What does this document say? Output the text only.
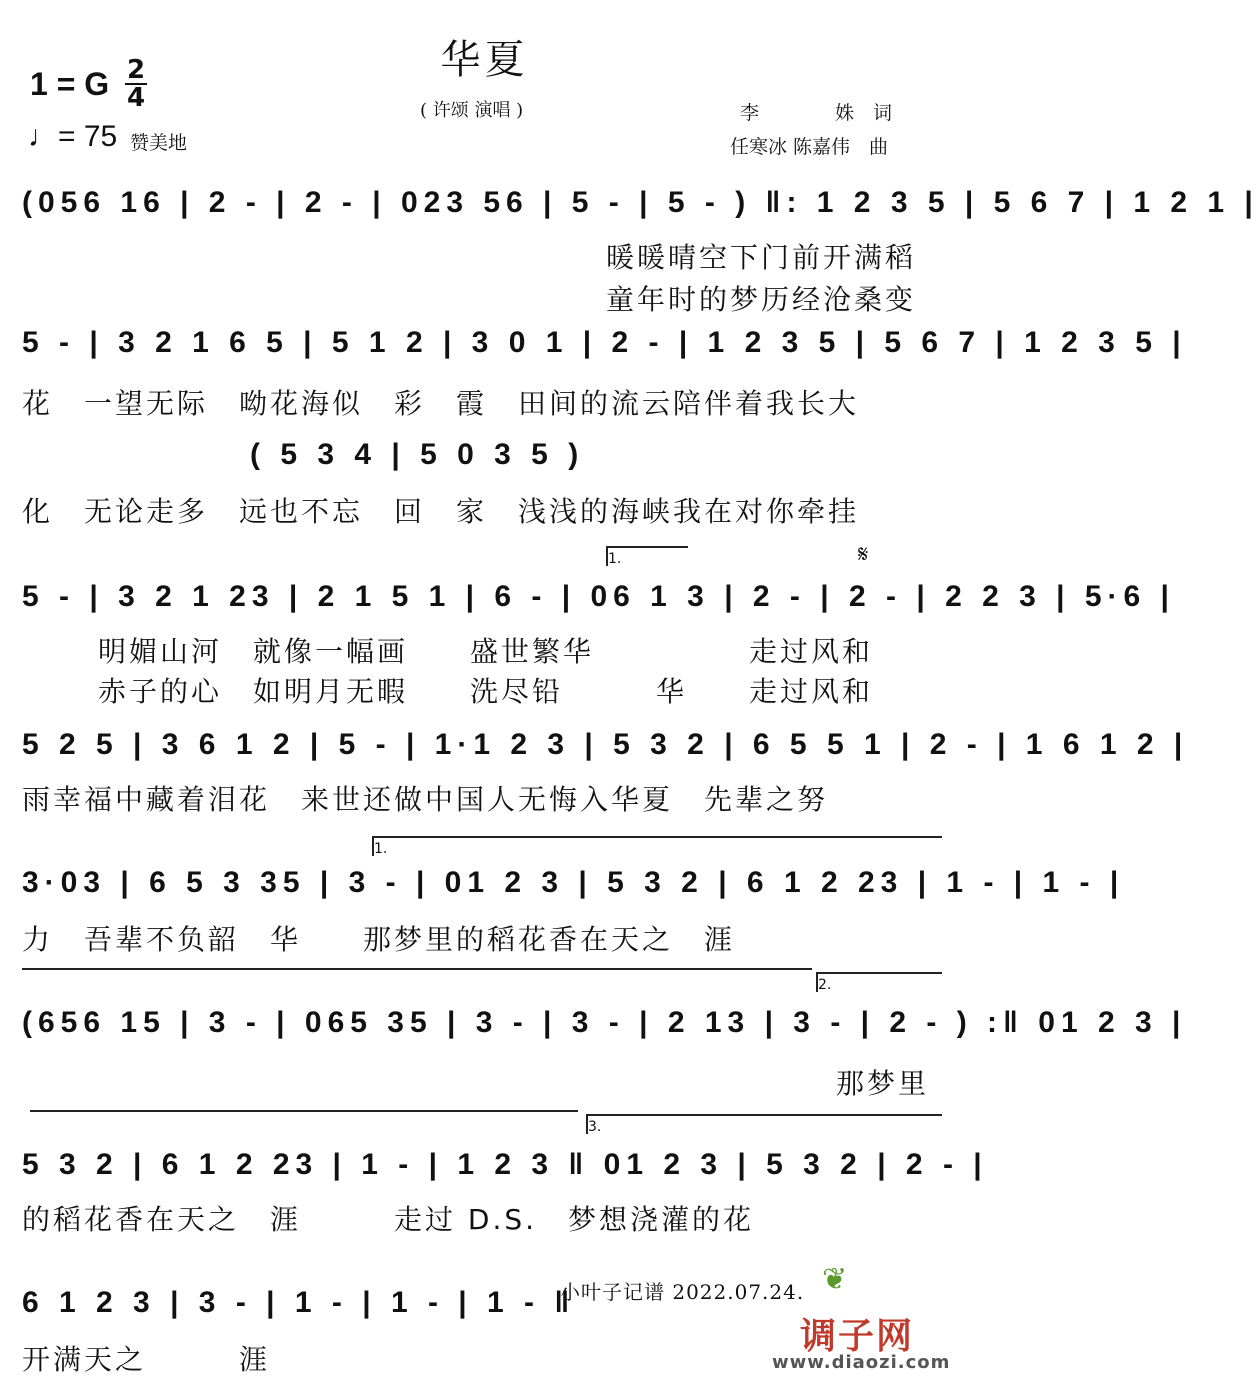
华夏
( 许颂 演唱 )
1 = G 2
4
♩= 75 赞美地
李　　　　姝　词
任寒冰 陈嘉伟　曲
(056 16 | 2 - | 2 - | 023 56 | 5 - | 5 - ) ‖: 1 2 3 5 | 5 6 7 | 1 2 1 |
暖暖晴空下门前开满稻
童年时的梦历经沧桑变
5 - | 3 2 1 6 5 | 5 1 2 | 3 0 1 | 2 - | 1 2 3 5 | 5 6 7 | 1 2 3 5 |
花　一望无际　呦花海似　彩　霞　田间的流云陪伴着我长大
( 5 3 4 | 5 0 3 5 )
化　无论走多　远也不忘　回　家　浅浅的海峡我在对你牵挂
1.	𝄋
5 - | 3 2 1 23 | 2 1 5 1 | 6 - | 06 1 3 | 2 - | 2 - | 2 2 3 | 5·6 |
明媚山河　就像一幅画　　盛世繁华　　　　　走过风和
赤子的心　如明月无暇　　洗尽铅　　　华　　走过风和
5 2 5 | 3 6 1 2 | 5 - | 1·1 2 3 | 5 3 2 | 6 5 5 1 | 2 - | 1 6 1 2 |
雨幸福中藏着泪花　来世还做中国人无悔入华夏　先辈之努
1.
3·03 | 6 5 3 35 | 3 - | 01 2 3 | 5 3 2 | 6 1 2 23 | 1 - | 1 - |
力　吾辈不负韶　华　　那梦里的稻花香在天之　涯
2.
(656 15 | 3 - | 065 35 | 3 - | 3 - | 2 13 | 3 - | 2 - ) :‖ 01 2 3 |
那梦里
3.
5 3 2 | 6 1 2 23 | 1 - | 1 2 3 ‖ 01 2 3 | 5 3 2 | 2 - |
的稻花香在天之　涯　　　走过 D.S.　梦想浇灌的花
6 1 2 3 | 3 - | 1 - | 1 - | 1 - ‖
开满天之　　　涯
小叶子记谱 2022.07.24. ❦
调子网
www.diaozi.com
